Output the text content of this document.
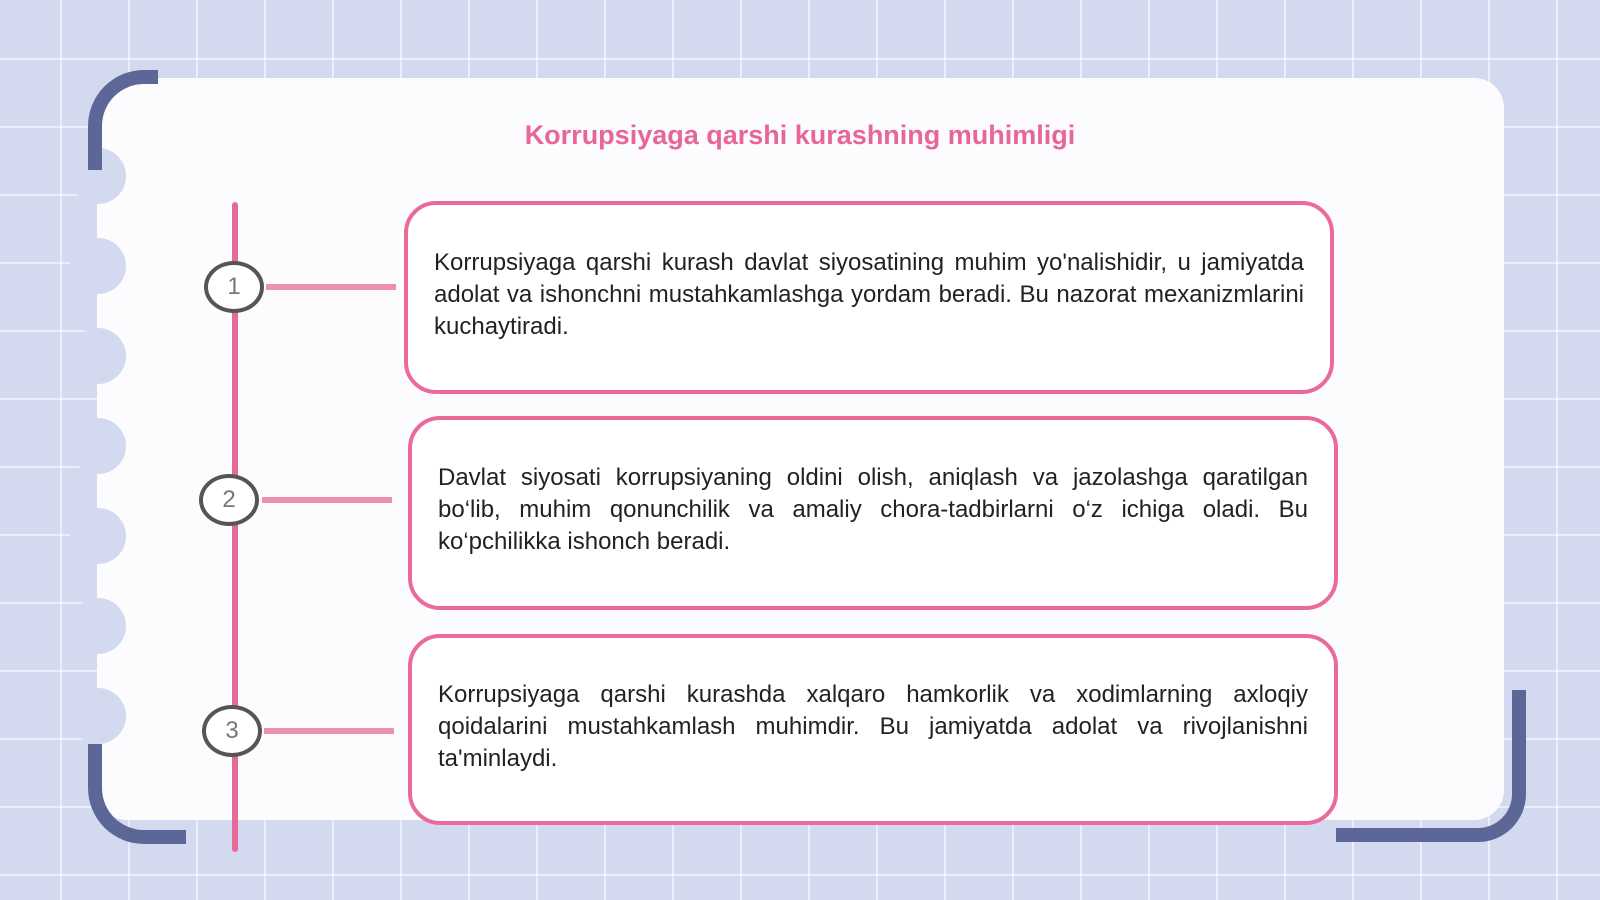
Korrupsiyaga qarshi kurashning muhimligi
1
2
3

Korrupsiyaga qarshi kurash davlat siyosatining muhim yo'nalishidir, u jamiyatda adolat va ishonchni mustahkamlashga yordam beradi. Bu nazorat mexanizmlarini kuchaytiradi.

Davlat siyosati korrupsiyaning oldini olish, aniqlash va jazolashga qaratilgan bo‘lib, muhim qonunchilik va amaliy chora-tadbirlarni o‘z ichiga oladi. Bu ko‘pchilikka ishonch beradi.

Korrupsiyaga qarshi kurashda xalqaro hamkorlik va xodimlarning axloqiy qoidalarini mustahkamlash muhimdir. Bu jamiyatda adolat va rivojlanishni ta'minlaydi.
